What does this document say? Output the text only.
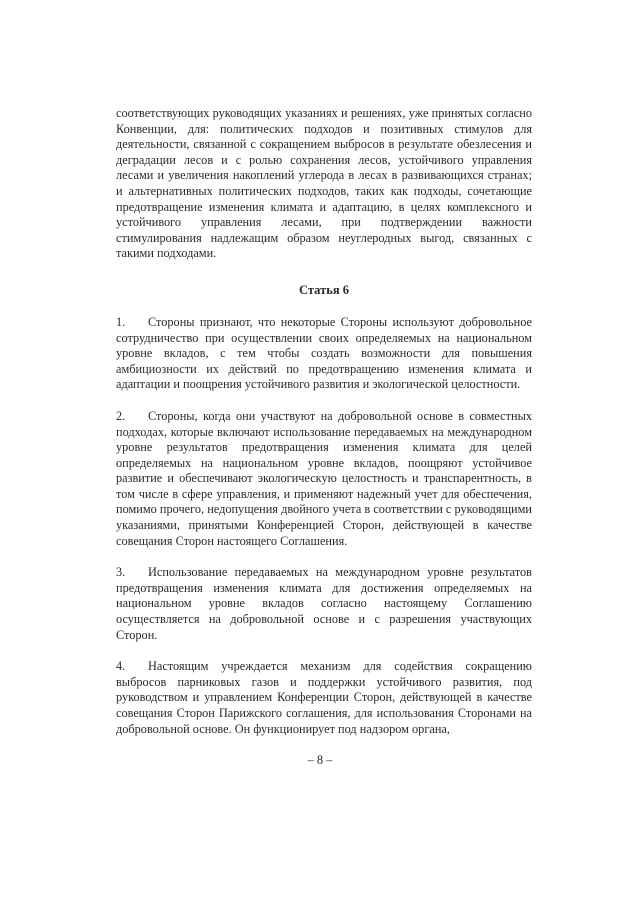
соответствующих руководящих указаниях и решениях, уже принятых согласно Конвенции, для: политических подходов и позитивных стимулов для деятельности, связанной с сокращением выбросов в результате обезлесения и деградации лесов и с ролью сохранения лесов, устойчивого управления лесами и увеличения накоплений углерода в лесах в развивающихся странах; и альтернативных политических подходов, таких как подходы, сочетающие предотвращение изменения климата и адаптацию, в целях комплексного и устойчивого управления лесами, при подтверждении важности стимулирования надлежащим образом неуглеродных выгод, связанных с такими подходами.

Статья 6

1. Стороны признают, что некоторые Стороны используют добровольное сотрудничество при осуществлении своих определяемых на национальном уровне вкладов, с тем чтобы создать возможности для повышения амбициозности их действий по предотвращению изменения климата и адаптации и поощрения устойчивого развития и экологической целостности.

2. Стороны, когда они участвуют на добровольной основе в совместных подходах, которые включают использование передаваемых на международном уровне результатов предотвращения изменения климата для целей определяемых на национальном уровне вкладов, поощряют устойчивое развитие и обеспечивают экологическую целостность и транспарентность, в том числе в сфере управления, и применяют надежный учет для обеспечения, помимо прочего, недопущения двойного учета в соответствии с руководящими указаниями, принятыми Конференцией Сторон, действующей в качестве совещания Сторон настоящего Соглашения.

3. Использование передаваемых на международном уровне результатов предотвращения изменения климата для достижения определяемых на национальном уровне вкладов согласно настоящему Соглашению осуществляется на добровольной основе и с разрешения участвующих Сторон.

4. Настоящим учреждается механизм для содействия сокращению выбросов парниковых газов и поддержки устойчивого развития, под руководством и управлением Конференции Сторон, действующей в качестве совещания Сторон Парижского соглашения, для использования Сторонами на добровольной основе. Он функционирует под надзором органа,

– 8 –
